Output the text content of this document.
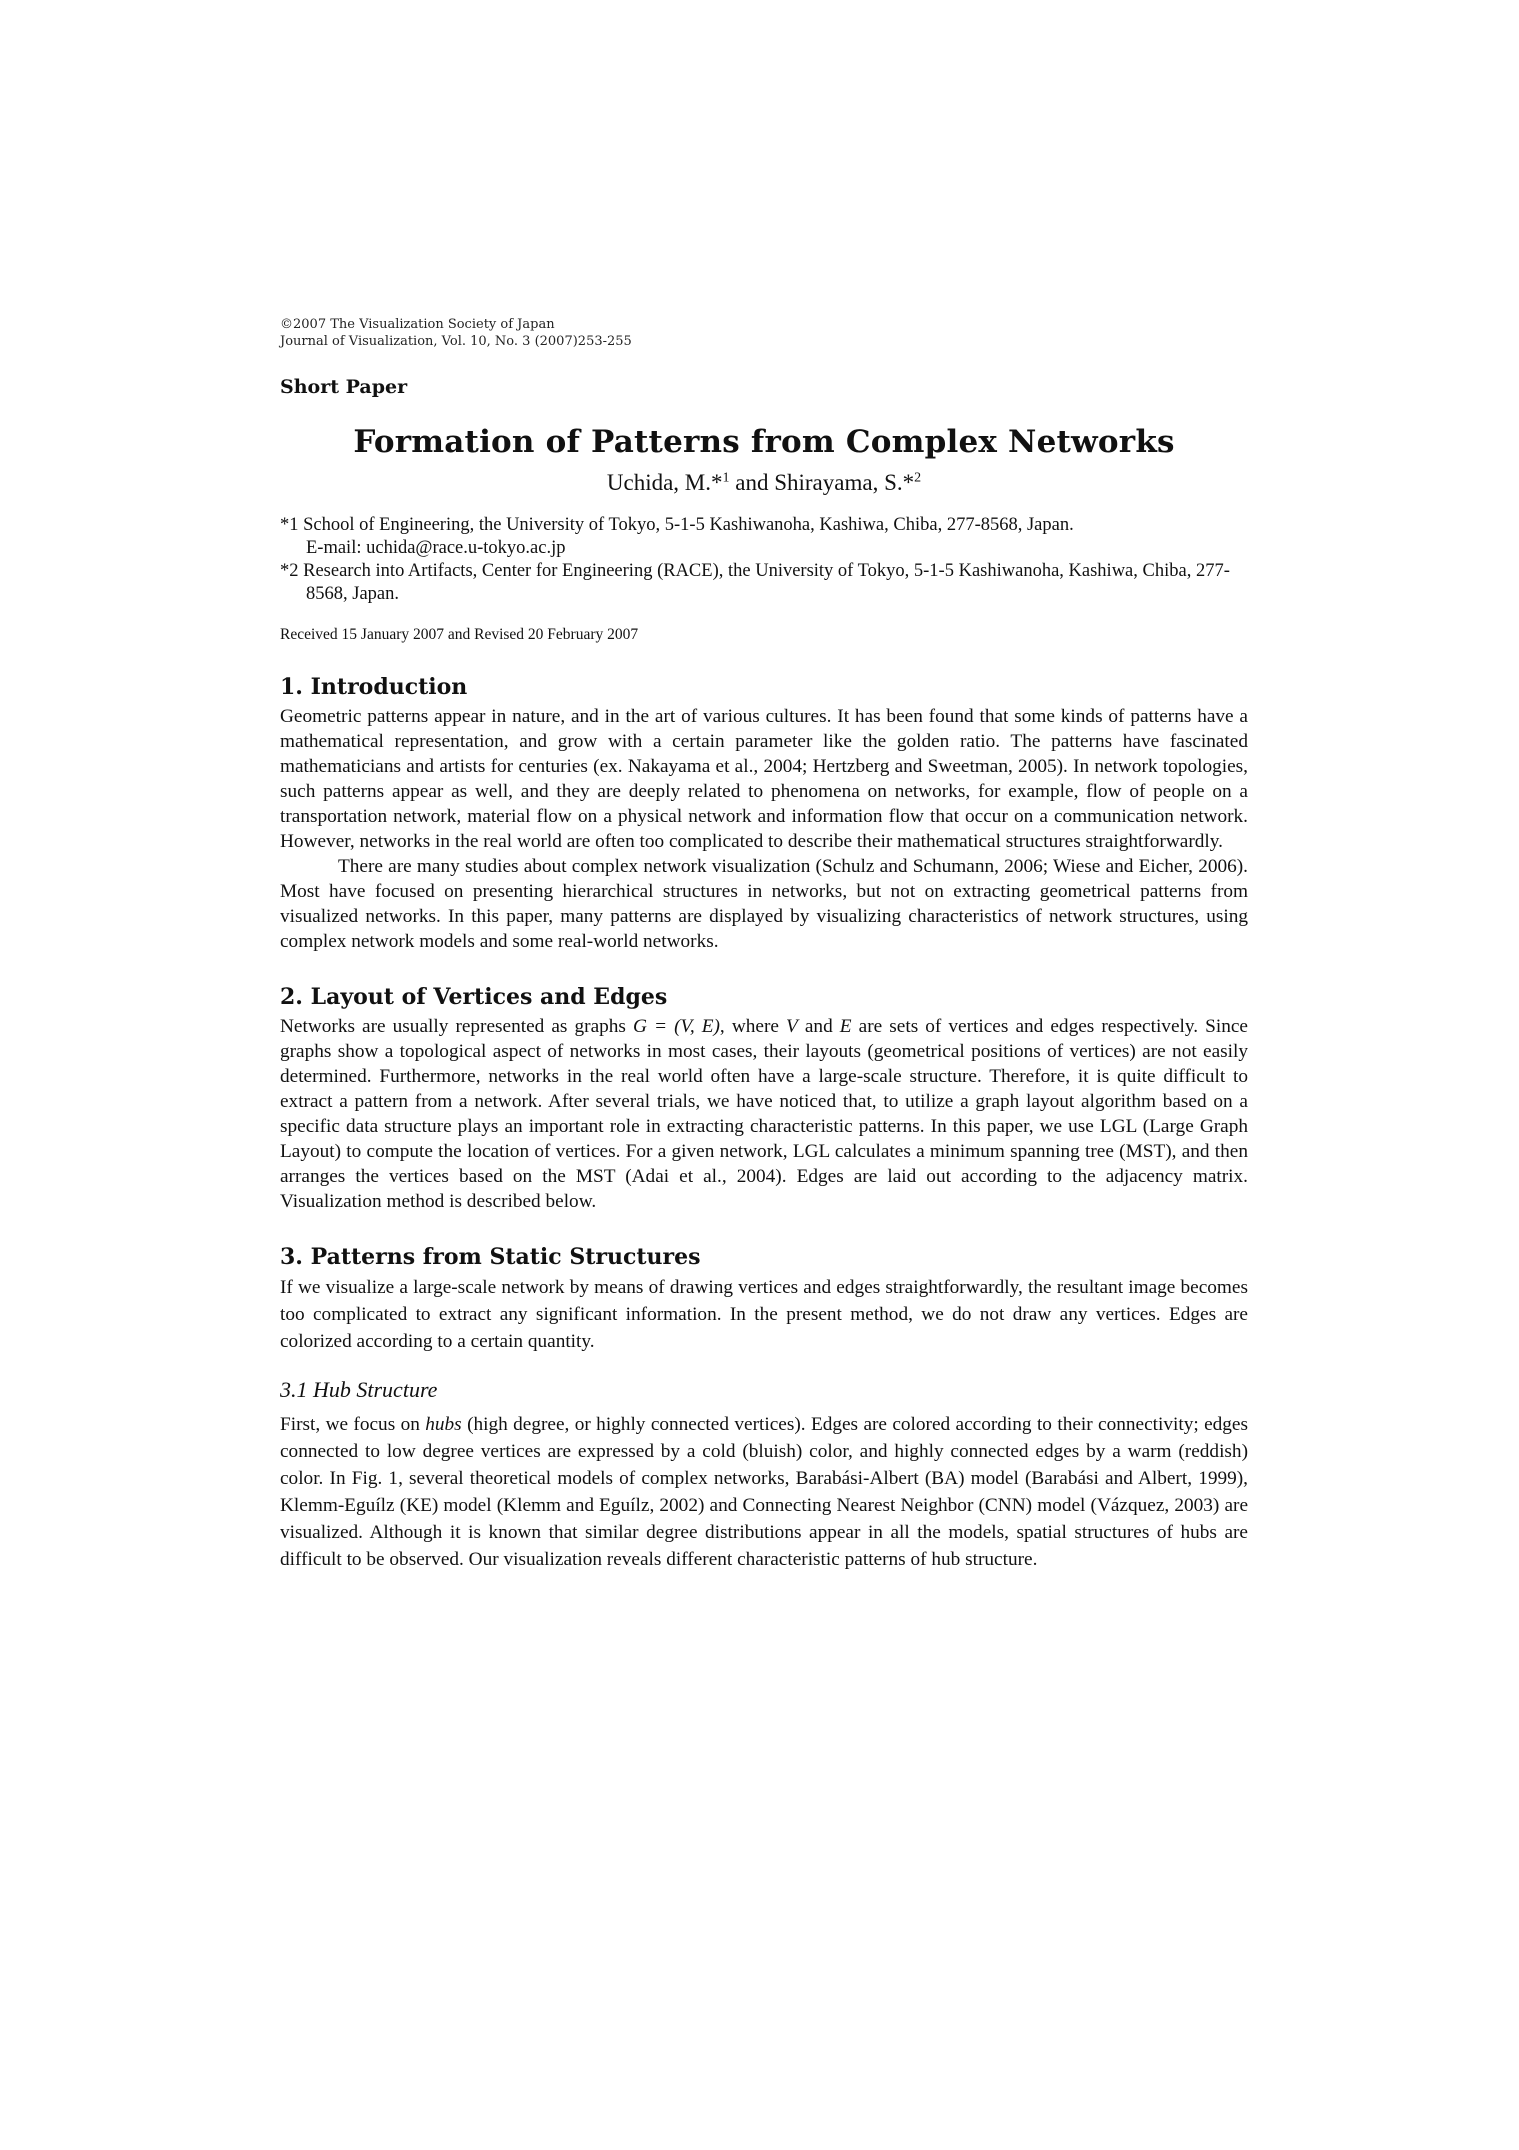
©2007 The Visualization Society of Japan
Journal of Visualization, Vol. 10, No. 3 (2007)253-255
Short Paper
Formation of Patterns from Complex Networks
Uchida, M.*$^1$ and Shirayama, S.*$^2$
*1 School of Engineering, the University of Tokyo, 5-1-5 Kashiwanoha, Kashiwa, Chiba, 277-8568, Japan.
E-mail: uchida@race.u-tokyo.ac.jp
*2 Research into Artifacts, Center for Engineering (RACE), the University of Tokyo, 5-1-5 Kashiwanoha, Kashiwa, Chiba, 277-8568, Japan.
Received 15 January 2007 and Revised 20 February 2007
1. Introduction
Geometric patterns appear in nature, and in the art of various cultures. It has been found that some kinds of patterns have a mathematical representation, and grow with a certain parameter like the golden ratio. The patterns have fascinated mathematicians and artists for centuries (ex. Nakayama et al., 2004; Hertzberg and Sweetman, 2005). In network topologies, such patterns appear as well, and they are deeply related to phenomena on networks, for example, flow of people on a transportation network, material flow on a physical network and information flow that occur on a communication network. However, networks in the real world are often too complicated to describe their mathematical structures straightforwardly.
There are many studies about complex network visualization (Schulz and Schumann, 2006; Wiese and Eicher, 2006). Most have focused on presenting hierarchical structures in networks, but not on extracting geometrical patterns from visualized networks. In this paper, many patterns are displayed by visualizing characteristics of network structures, using complex network models and some real-world networks.
2. Layout of Vertices and Edges
Networks are usually represented as graphs G = (V, E), where V and E are sets of vertices and edges respectively. Since graphs show a topological aspect of networks in most cases, their layouts (geometrical positions of vertices) are not easily determined. Furthermore, networks in the real world often have a large-scale structure. Therefore, it is quite difficult to extract a pattern from a network. After several trials, we have noticed that, to utilize a graph layout algorithm based on a specific data structure plays an important role in extracting characteristic patterns. In this paper, we use LGL (Large Graph Layout) to compute the location of vertices. For a given network, LGL calculates a minimum spanning tree (MST), and then arranges the vertices based on the MST (Adai et al., 2004). Edges are laid out according to the adjacency matrix. Visualization method is described below.
3. Patterns from Static Structures
If we visualize a large-scale network by means of drawing vertices and edges straightforwardly, the resultant image becomes too complicated to extract any significant information. In the present method, we do not draw any vertices. Edges are colorized according to a certain quantity.
3.1 Hub Structure
First, we focus on hubs (high degree, or highly connected vertices). Edges are colored according to their connectivity; edges connected to low degree vertices are expressed by a cold (bluish) color, and highly connected edges by a warm (reddish) color. In Fig. 1, several theoretical models of complex networks, Barabási-Albert (BA) model (Barabási and Albert, 1999), Klemm-Eguílz (KE) model (Klemm and Eguílz, 2002) and Connecting Nearest Neighbor (CNN) model (Vázquez, 2003) are visualized. Although it is known that similar degree distributions appear in all the models, spatial structures of hubs are difficult to be observed. Our visualization reveals different characteristic patterns of hub structure.
